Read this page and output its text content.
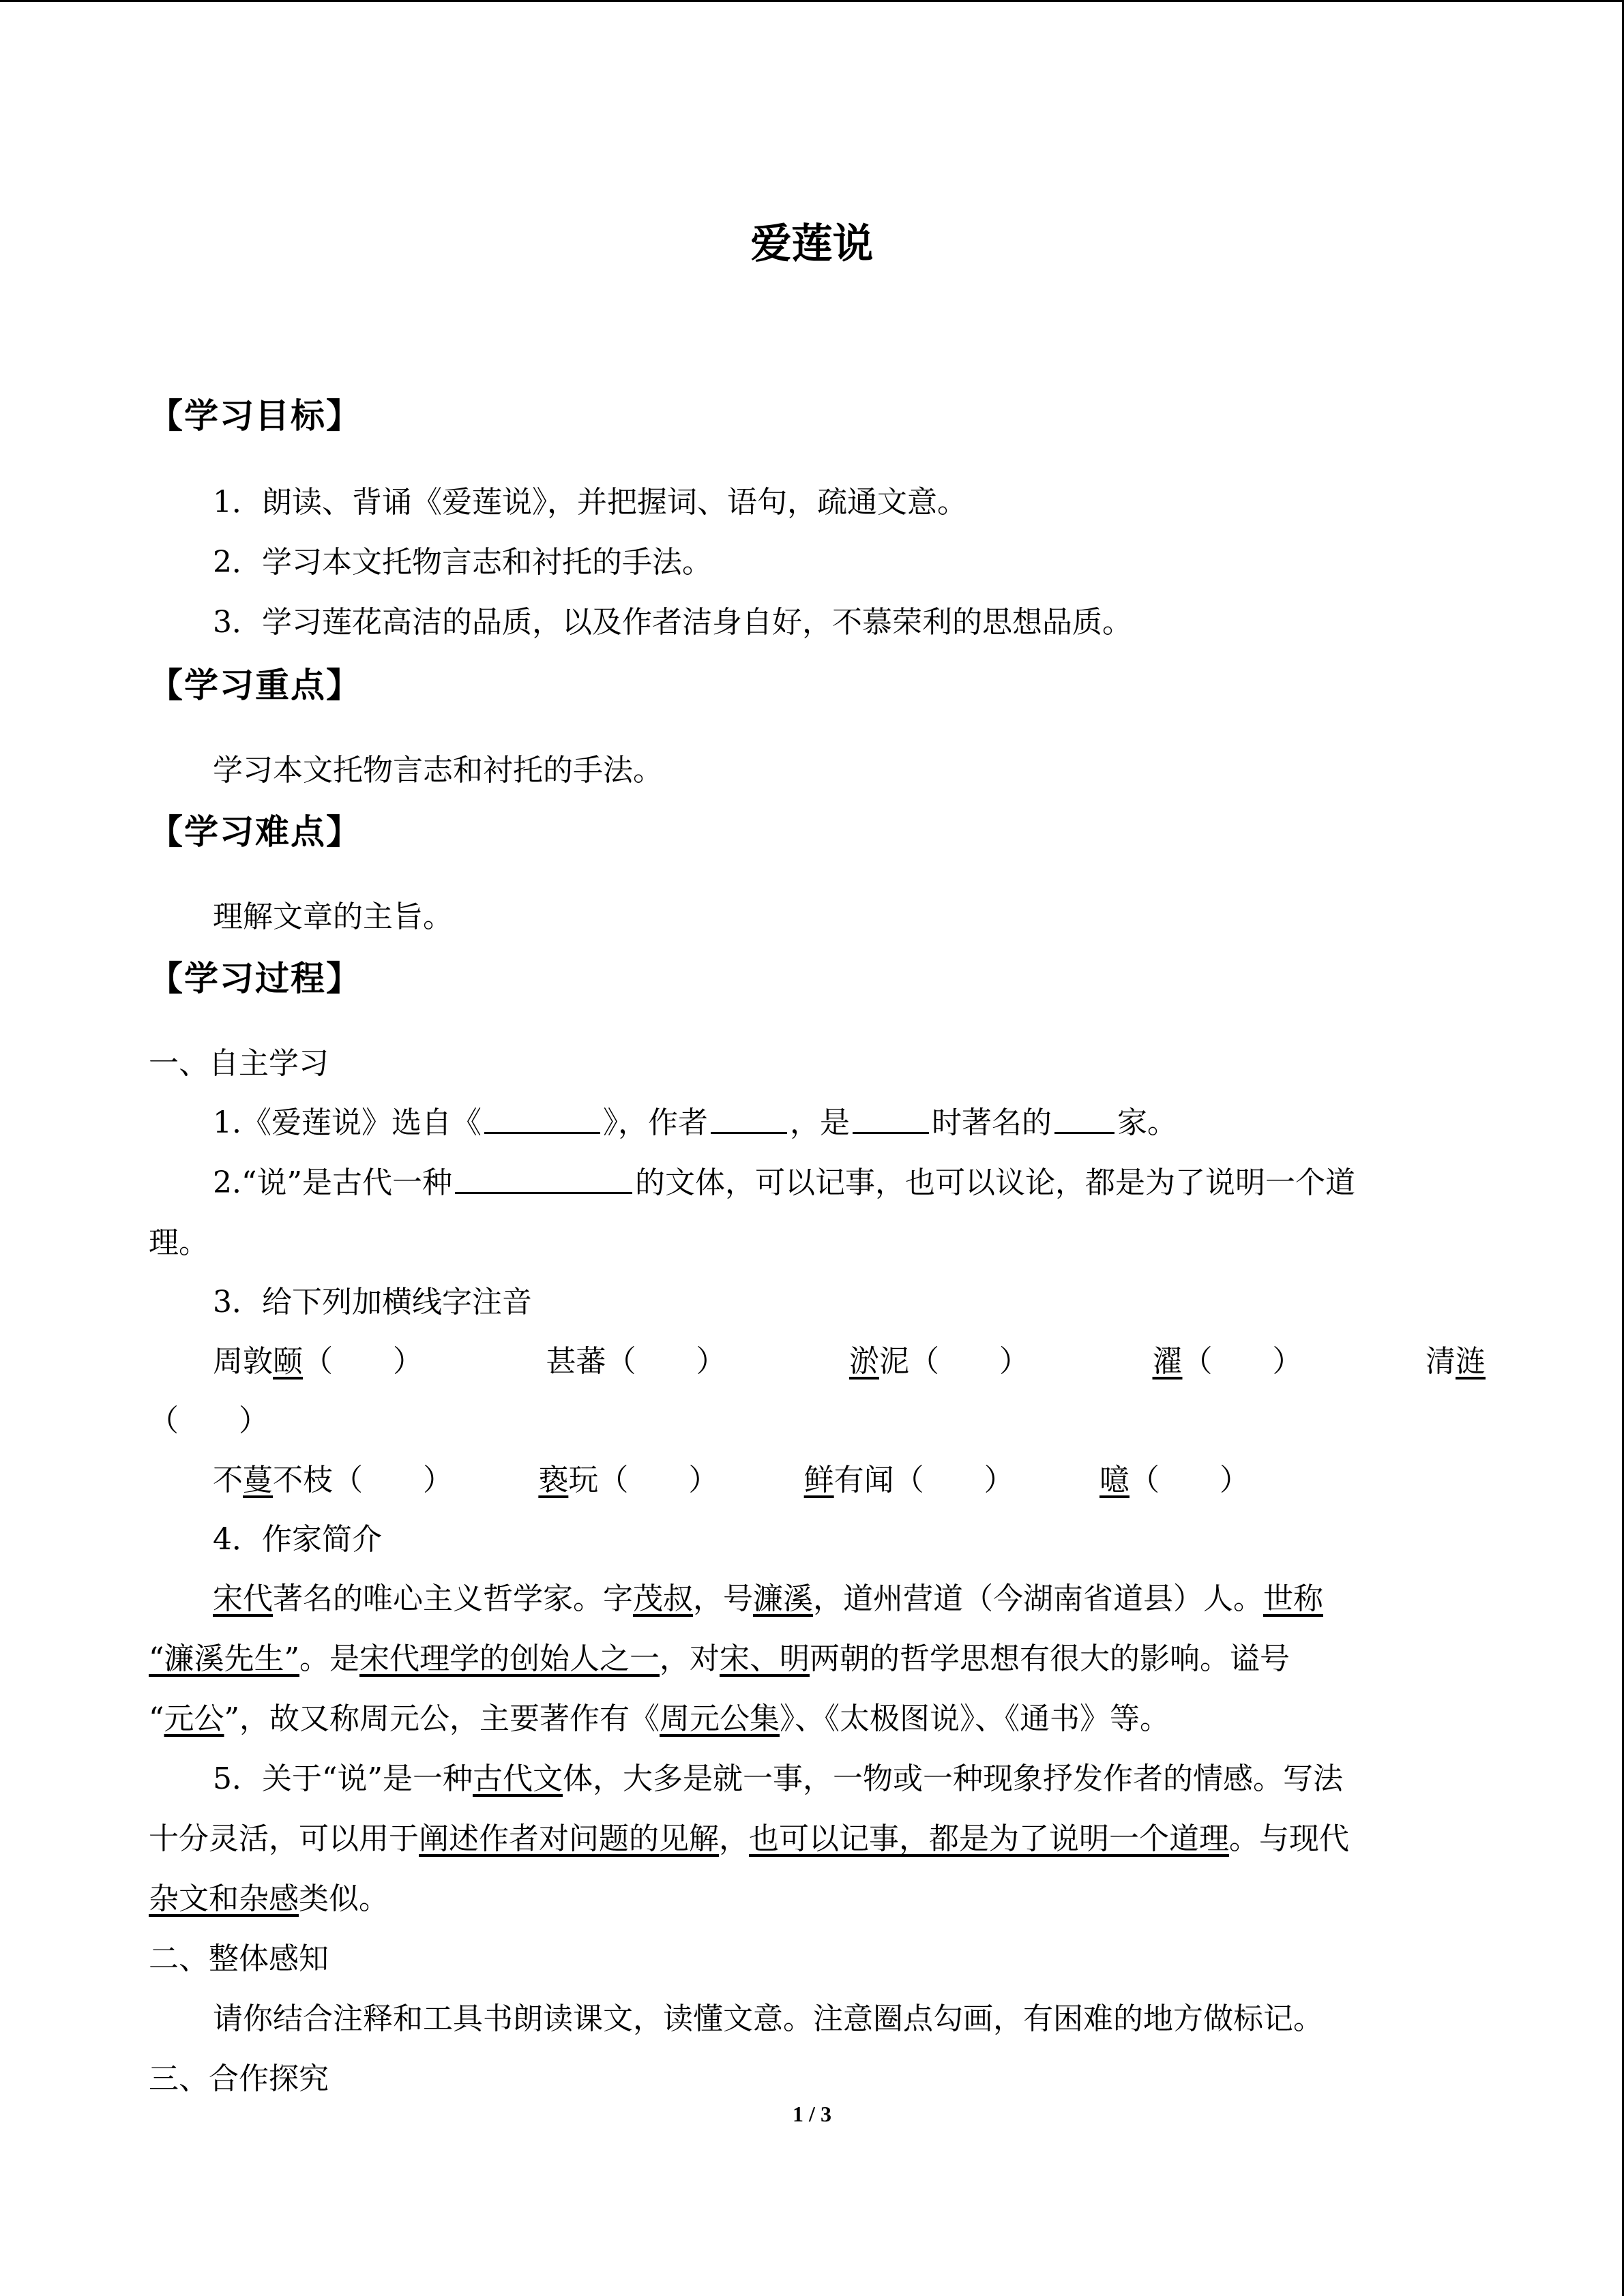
爱莲说
【学习目标】
1．朗读、背诵《爱莲说》，并把握词、语句，疏通文意。
2．学习本文托物言志和衬托的手法。
3．学习莲花高洁的品质，以及作者洁身自好，不慕荣利的思想品质。
【学习重点】
学习本文托物言志和衬托的手法。
【学习难点】
理解文章的主旨。
【学习过程】
一、自主学习
1.《爱莲说》选自《	》，作者	，是	时著名的 家。
2.“说”是古代一种	的文体，可以记事，也可以议论，都是为了说明一个道
理。
3．给下列加横线字注音
周敦颐（　　）	甚蕃（　　）	淤泥（　　）	濯（　　）	清涟
（　　）
不蔓不枝（　　）	亵玩（　　）	鲜有闻（　　）	噫（　　）
4．作家简介
宋代著名的唯心主义哲学家。字茂叔，号濂溪，道州营道（今湖南省道县）人。世称
“濂溪先生”。是宋代理学的创始人之一，对宋、明两朝的哲学思想有很大的影响。谥号
“元公”，故又称周元公，主要著作有《周元公集》、《太极图说》、《通书》等。
5．关于“说”是一种古代文体，大多是就一事，一物或一种现象抒发作者的情感。写法
十分灵活，可以用于阐述作者对问题的见解，也可以记事，都是为了说明一个道理。与现代
杂文和杂感类似。
二、整体感知
请你结合注释和工具书朗读课文，读懂文意。注意圈点勾画，有困难的地方做标记。
三、合作探究
1 / 3
